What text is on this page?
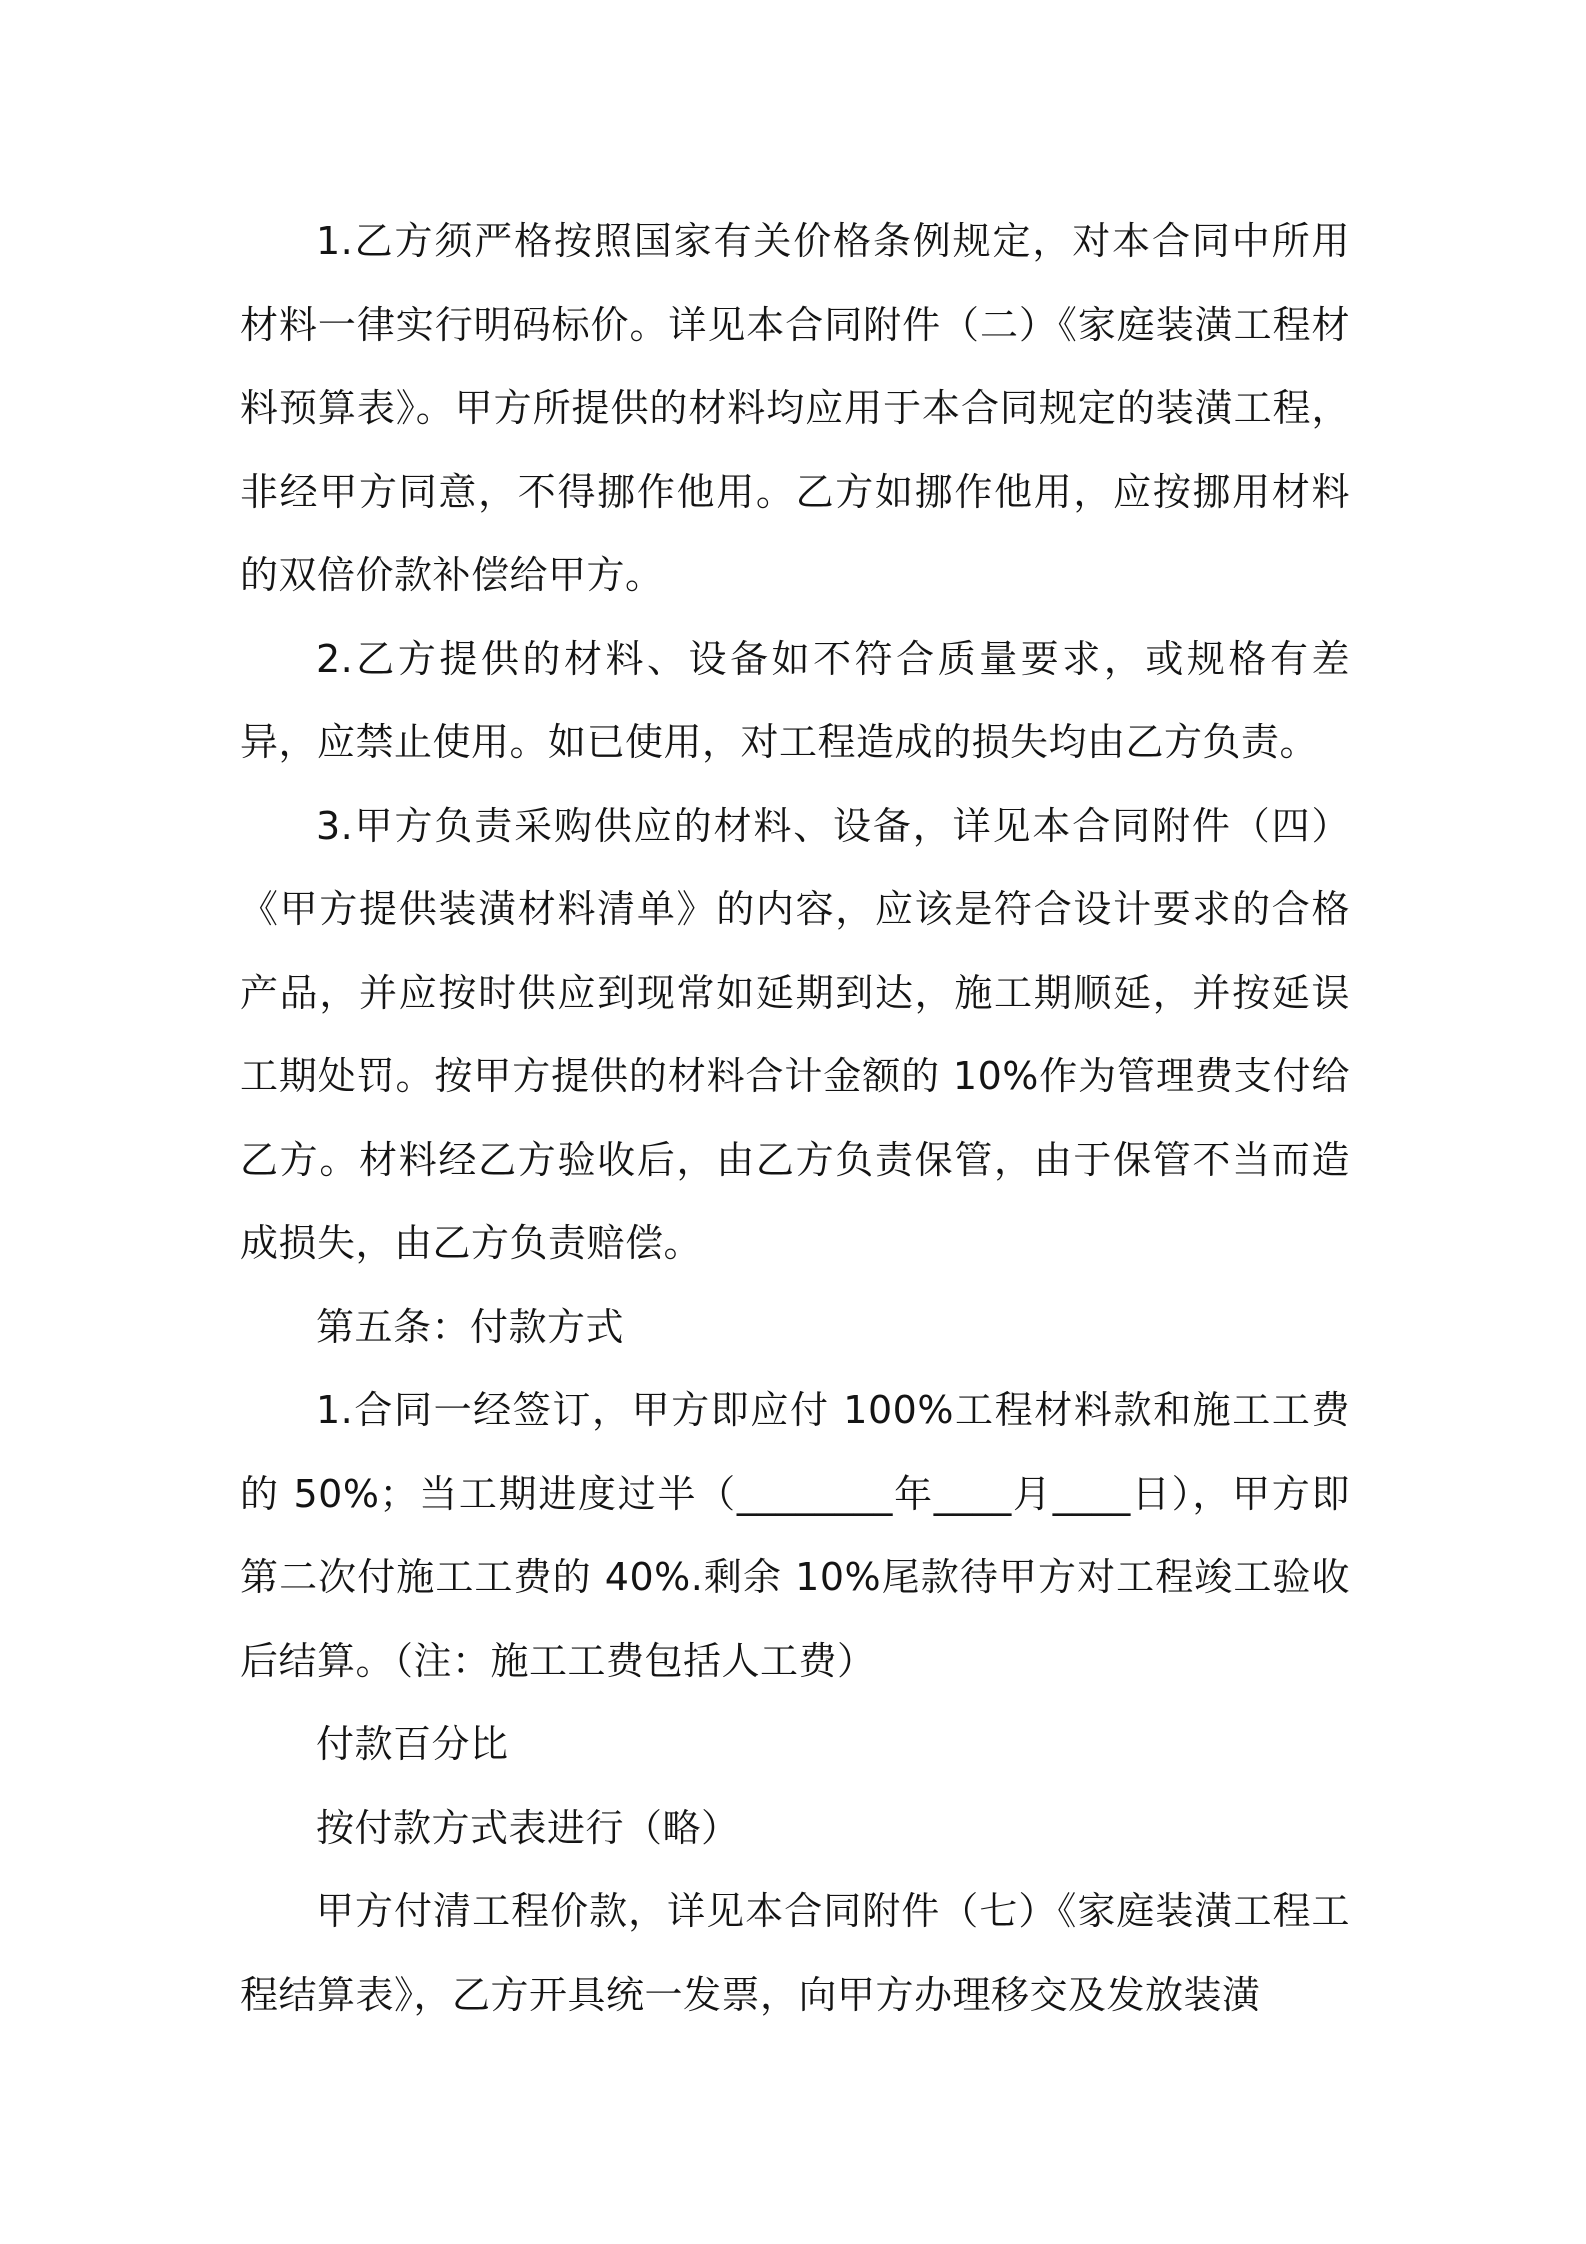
1.乙方须严格按照国家有关价格条例规定，对本合同中所用材料一律实行明码标价。详见本合同附件（二）《家庭装潢工程材料预算表》。甲方所提供的材料均应用于本合同规定的装潢工程，非经甲方同意，不得挪作他用。乙方如挪作他用，应按挪用材料的双倍价款补偿给甲方。

2.乙方提供的材料、设备如不符合质量要求，或规格有差异，应禁止使用。如已使用，对工程造成的损失均由乙方负责。

3.甲方负责采购供应的材料、设备，详见本合同附件（四）《甲方提供装潢材料清单》的内容，应该是符合设计要求的合格产品，并应按时供应到现常如延期到达，施工期顺延，并按延误工期处罚。按甲方提供的材料合计金额的 10%作为管理费支付给乙方。材料经乙方验收后，由乙方负责保管，由于保管不当而造成损失，由乙方负责赔偿。

第五条：付款方式

1.合同一经签订，甲方即应付 100%工程材料款和施工工费的 50%；当工期进度过半（________年____月____日），甲方即第二次付施工工费的 40%.剩余 10%尾款待甲方对工程竣工验收后结算。（注：施工工费包括人工费）

付款百分比

按付款方式表进行（略）

甲方付清工程价款，详见本合同附件（七）《家庭装潢工程工程结算表》，乙方开具统一发票，向甲方办理移交及发放装潢
